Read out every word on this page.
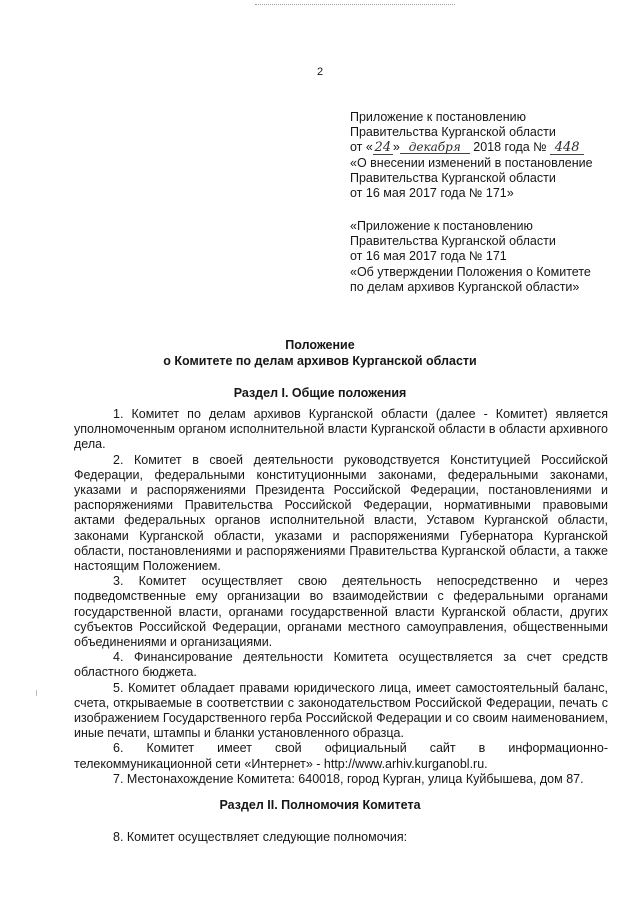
2
Приложение к постановлению
Правительства Курганской области
от « 24 » декабря 2018 года № 448
«О внесении изменений в постановление
Правительства Курганской области
от 16 мая 2017 года № 171»
«Приложение к постановлению
Правительства Курганской области
от 16 мая 2017 года № 171
«Об утверждении Положения о Комитете
по делам архивов Курганской области»
Положение
о Комитете по делам архивов Курганской области
Раздел I. Общие положения

1. Комитет по делам архивов Курганской области (далее - Комитет) является уполномоченным органом исполнительной власти Курганской области в области архивного дела.

2. Комитет в своей деятельности руководствуется Конституцией Российской Федерации, федеральными конституционными законами, федеральными законами, указами и распоряжениями Президента Российской Федерации, постановлениями и распоряжениями Правительства Российской Федерации, нормативными правовыми актами федеральных органов исполнительной власти, Уставом Курганской области, законами Курганской области, указами и распоряжениями Губернатора Курганской области, постановлениями и распоряжениями Правительства Курганской области, а также настоящим Положением.

3. Комитет осуществляет свою деятельность непосредственно и через подведомственные ему организации во взаимодействии с федеральными органами государственной власти, органами государственной власти Курганской области, других субъектов Российской Федерации, органами местного самоуправления, общественными объединениями и организациями.

4. Финансирование деятельности Комитета осуществляется за счет средств областного бюджета.

5. Комитет обладает правами юридического лица, имеет самостоятельный баланс, счета, открываемые в соответствии с законодательством Российской Федерации, печать с изображением Государственного герба Российской Федерации и со своим наименованием, иные печати, штампы и бланки установленного образца.

6. Комитет имеет свой официальный сайт в информационно-телекоммуникационной сети «Интернет» - http://www.arhiv.kurganobl.ru.

7. Местонахождение Комитета: 640018, город Курган, улица Куйбышева, дом 87.

Раздел II. Полномочия Комитета
8. Комитет осуществляет следующие полномочия:
